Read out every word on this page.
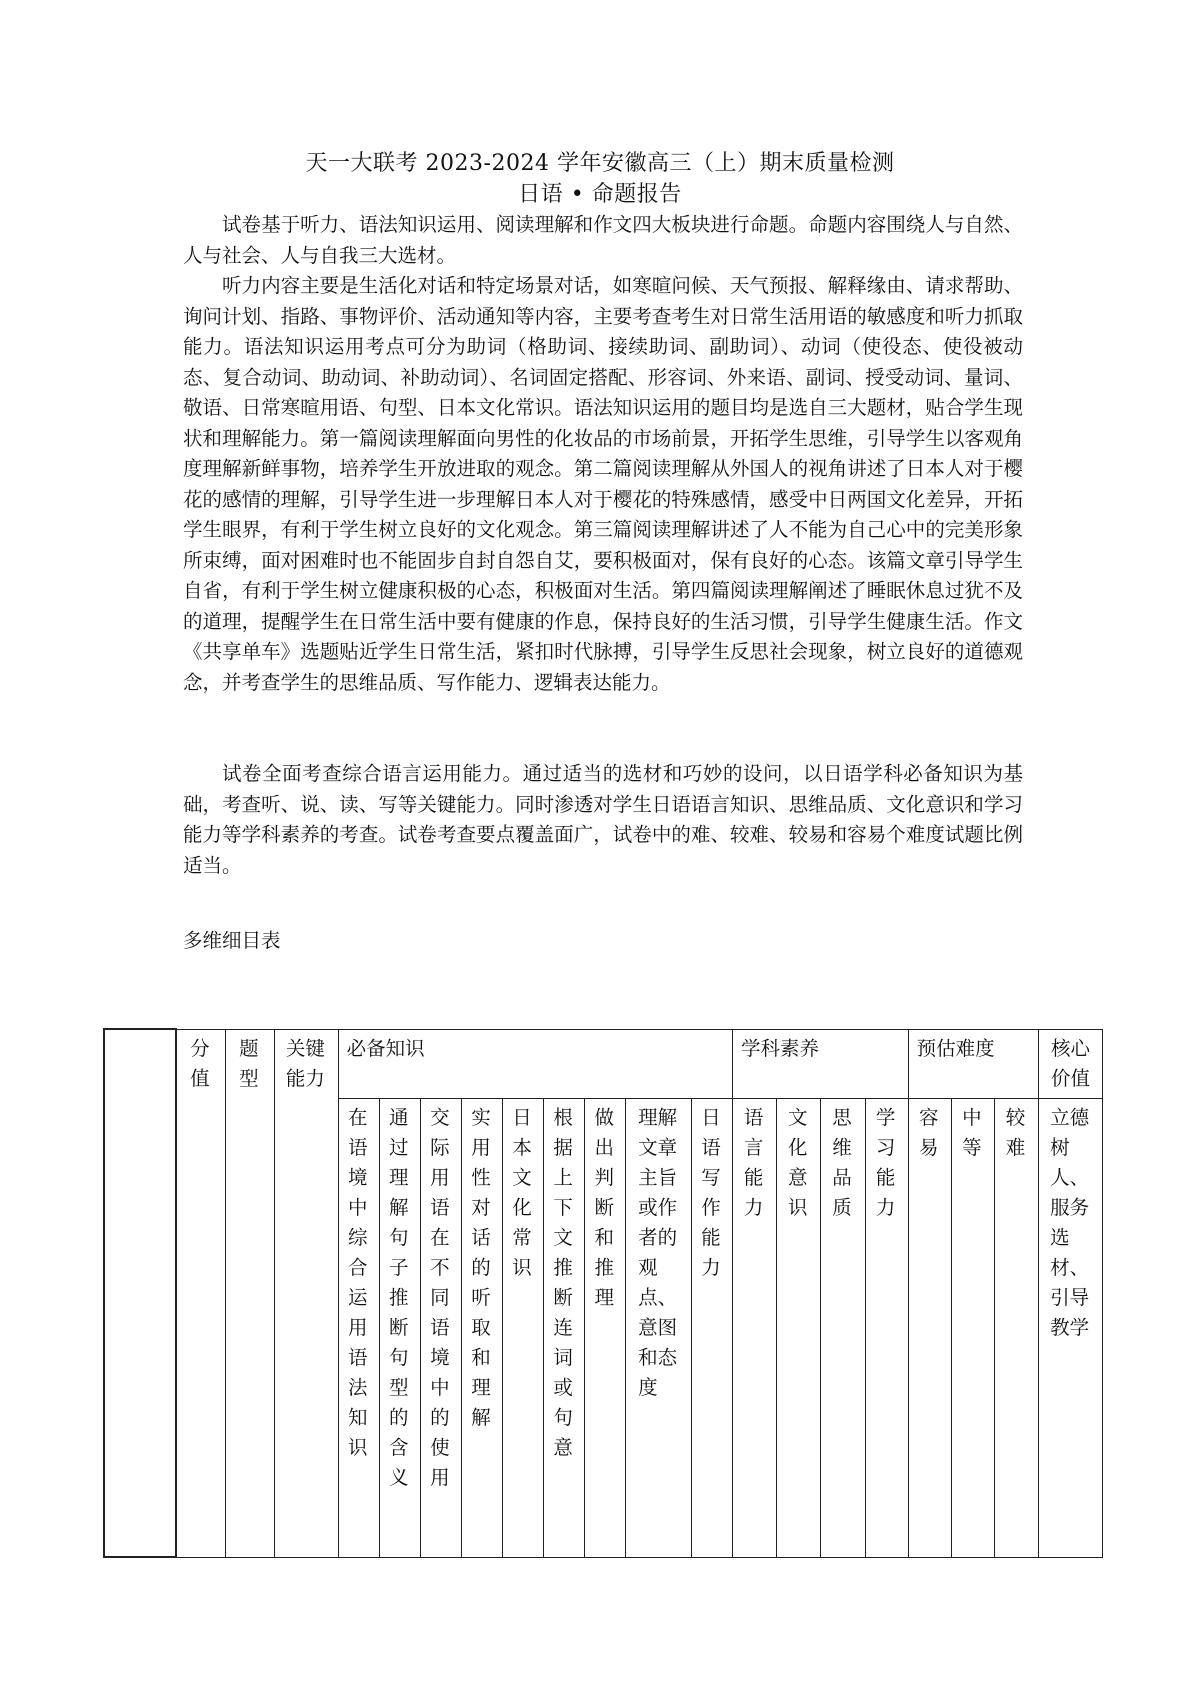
天一大联考 2023-2024 学年安徽高三（上）期末质量检测
日语 • 命题报告

试卷基于听力、语法知识运用、阅读理解和作文四大板块进行命题。命题内容围绕人与自然、人与社会、人与自我三大选材。

听力内容主要是生活化对话和特定场景对话，如寒暄问候、天气预报、解释缘由、请求帮助、询问计划、指路、事物评价、活动通知等内容，主要考查考生对日常生活用语的敏感度和听力抓取能力。语法知识运用考点可分为助词（格助词、接续助词、副助词）、动词（使役态、使役被动态、复合动词、助动词、补助动词）、名词固定搭配、形容词、外来语、副词、授受动词、量词、敬语、日常寒暄用语、句型、日本文化常识。语法知识运用的题目均是选自三大题材，贴合学生现状和理解能力。第一篇阅读理解面向男性的化妆品的市场前景，开拓学生思维，引导学生以客观角度理解新鲜事物，培养学生开放进取的观念。第二篇阅读理解从外国人的视角讲述了日本人对于樱花的感情的理解，引导学生进一步理解日本人对于樱花的特殊感情，感受中日两国文化差异，开拓学生眼界，有利于学生树立良好的文化观念。第三篇阅读理解讲述了人不能为自己心中的完美形象所束缚，面对困难时也不能固步自封自怨自艾，要积极面对，保有良好的心态。该篇文章引导学生自省，有利于学生树立健康积极的心态，积极面对生活。第四篇阅读理解阐述了睡眠休息过犹不及的道理，提醒学生在日常生活中要有健康的作息，保持良好的生活习惯，引导学生健康生活。作文《共享单车》选题贴近学生日常生活，紧扣时代脉搏，引导学生反思社会现象，树立良好的道德观念，并考查学生的思维品质、写作能力、逻辑表达能力。

试卷全面考查综合语言运用能力。通过适当的选材和巧妙的设问，以日语学科必备知识为基础，考查听、说、读、写等关键能力。同时渗透对学生日语语言知识、思维品质、文化意识和学习能力等学科素养的考查。试卷考查要点覆盖面广，试卷中的难、较难、较易和容易个难度试题比例适当。

多维细目表

	分值	题型	关键能力	必备知识									学科素养				预估难度			核心价值

				在语境中综合运用语法知识	通过理解句子推断句型的含义	交际用语在不同语境中的使用	实用性对话的听取和理解	日本文化常识	根据上下文推断连词或句意	做出判断和推理	理解文章主旨或作者的观点、意图和态度	日语写作能力	语言能力	文化意识	思维品质	学习能力	容易	中等	较难	立德树人、服务选材、引导教学
